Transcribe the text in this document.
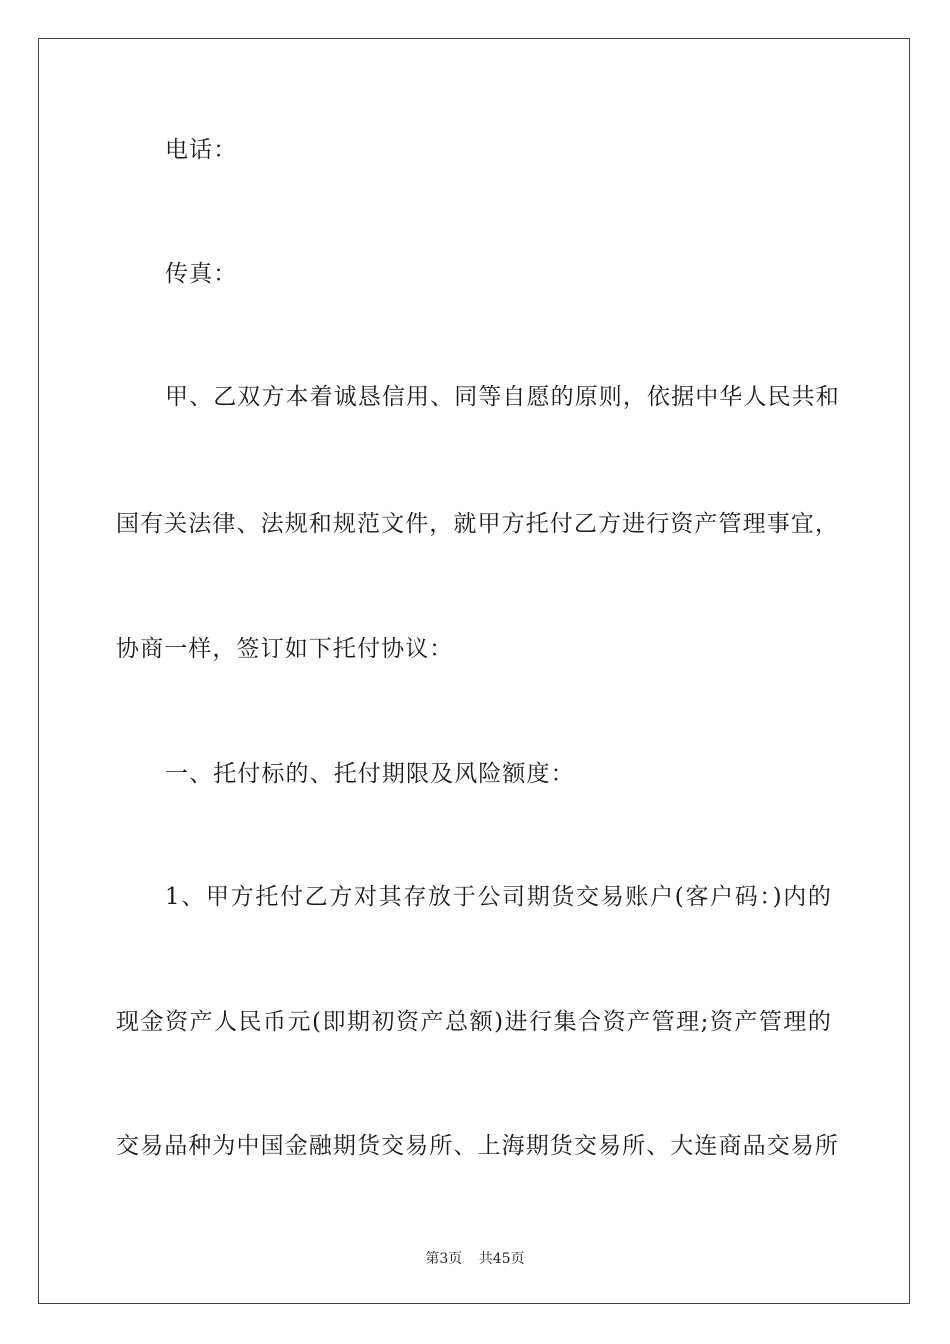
电话：
传真：
甲、乙双方本着诚恳信用、同等自愿的原则，依据中华人民共和
国有关法律、法规和规范文件，就甲方托付乙方进行资产管理事宜，
协商一样，签订如下托付协议：
一、托付标的、托付期限及风险额度：
1、甲方托付乙方对其存放于公司期货交易账户(客户码：)内的
现金资产人民币元(即期初资产总额)进行集合资产管理;资产管理的
交易品种为中国金融期货交易所、上海期货交易所、大连商品交易所
第3页 共45页
